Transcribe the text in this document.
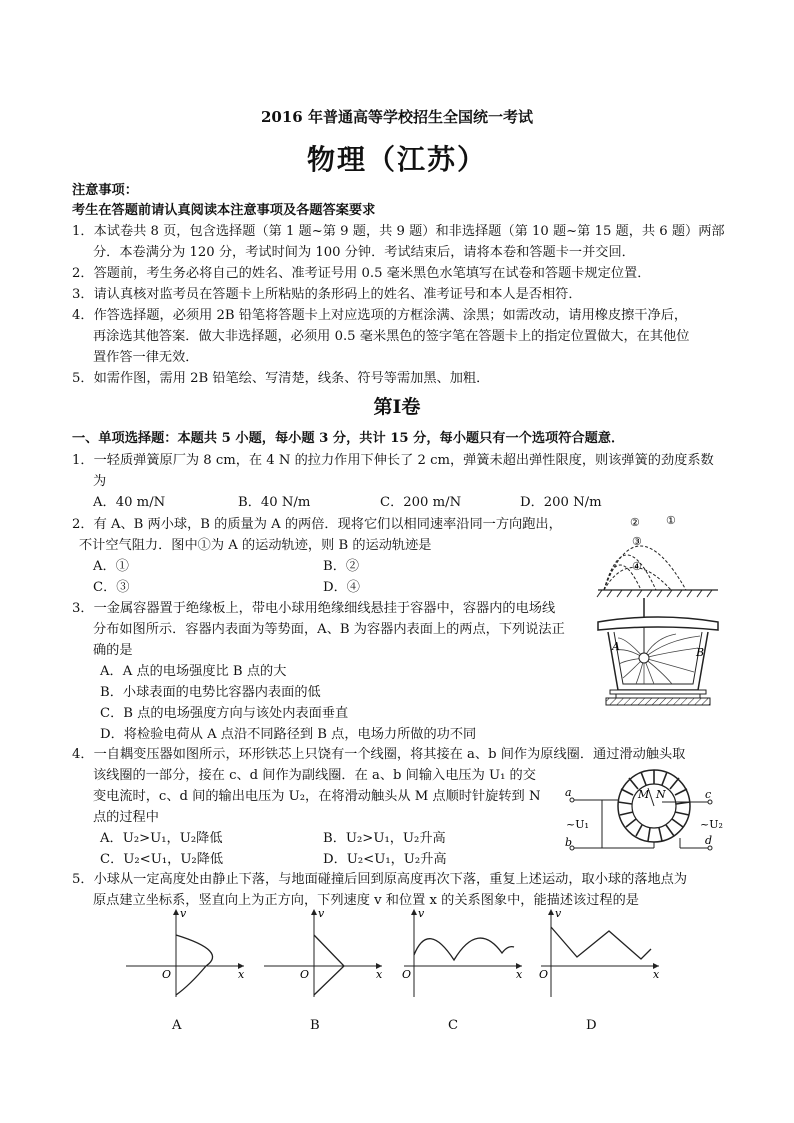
2016 年普通高等学校招生全国统一考试
物理（江苏）
注意事项：
考生在答题前请认真阅读本注意事项及各题答案要求
1．本试卷共 8 页，包含选择题（第 1 题~第 9 题，共 9 题）和非选择题（第 10 题~第 15 题，共 6 题）两部
分．本卷满分为 120 分，考试时间为 100 分钟．考试结束后，请将本卷和答题卡一并交回．
2．答题前，考生务必将自己的姓名、准考证号用 0.5 毫米黑色水笔填写在试卷和答题卡规定位置．
3．请认真核对监考员在答题卡上所粘贴的条形码上的姓名、准考证号和本人是否相符．
4．作答选择题，必须用 2B 铅笔将答题卡上对应选项的方框涂满、涂黑；如需改动，请用橡皮擦干净后，
再涂选其他答案．做大非选择题，必须用 0.5 毫米黑色的签字笔在答题卡上的指定位置做大，在其他位
置作答一律无效．
5．如需作图，需用 2B 铅笔绘、写清楚，线条、符号等需加黑、加粗．
第Ⅰ卷
一、单项选择题：本题共 5 小题，每小题 3 分，共计 15 分，每小题只有一个选项符合题意．
1．一轻质弹簧原厂为 8 cm，在 4 N 的拉力作用下伸长了 2 cm，弹簧未超出弹性限度，则该弹簧的劲度系数
为
A．40 m/N	B．40 N/m	C．200 m/N	D．200 N/m
2．有 A、B 两小球，B 的质量为 A 的两倍．现将它们以相同速率沿同一方向跑出，
不计空气阻力．图中①为 A 的运动轨迹，则 B 的运动轨迹是
A．①	B．②
C．③	D．④
② ①
③
④
3．一金属容器置于绝缘板上，带电小球用绝缘细线悬挂于容器中，容器内的电场线
分布如图所示．容器内表面为等势面，A、B 为容器内表面上的两点，下列说法正
确的是
A．A 点的电场强度比 B 点的大
B．小球表面的电势比容器内表面的低
C．B 点的电场强度方向与该处内表面垂直
D．将检验电荷从 A 点沿不同路径到 B 点，电场力所做的功不同
A	B
4．一自耦变压器如图所示，环形铁芯上只饶有一个线圈，将其接在 a、b 间作为原线圈．通过滑动触头取
该线圈的一部分，接在 c、d 间作为副线圈．在 a、b 间输入电压为 U₁ 的交
变电流时，c、d 间的输出电压为 U₂，在将滑动触头从 M 点顺时针旋转到 N
点的过程中
A．U₂>U₁，U₂降低	B．U₂>U₁，U₂升高
C．U₂<U₁，U₂降低	D．U₂<U₁，U₂升高
a
b
c
d
M N
~U₁	~U₂
5．小球从一定高度处由静止下落，与地面碰撞后回到原高度再次下落，重复上述运动，取小球的落地点为
原点建立坐标系，竖直向上为正方向，下列速度 v 和位置 x 的关系图象中，能描述该过程的是
v
x
O
v
x
O
v
x
O
v
x
O
A	B	C	D
